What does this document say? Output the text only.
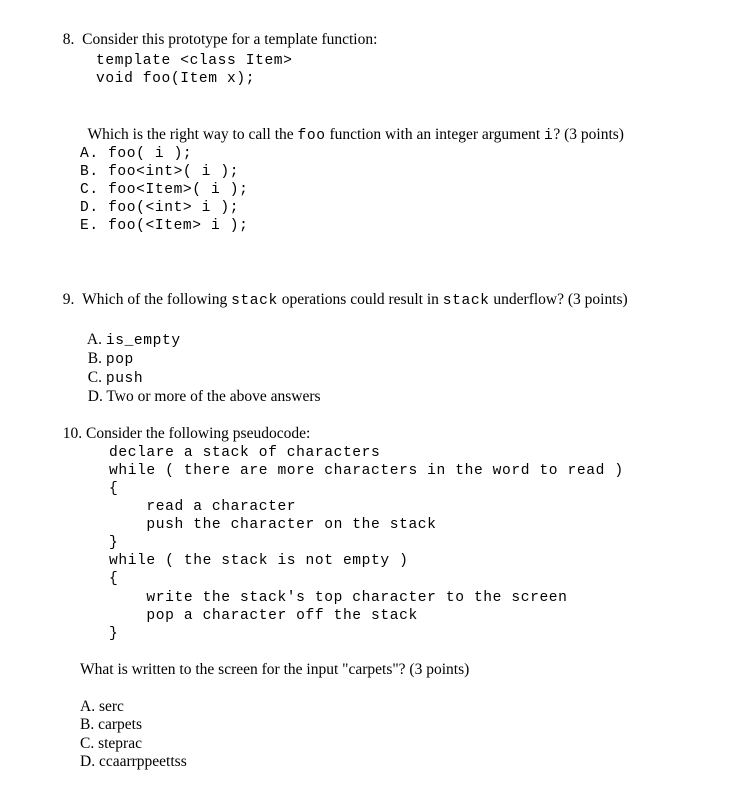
8. Consider this prototype for a template function:

template <class Item>
void foo(Item x);

Which is the right way to call the foo function with an integer argument i? (3 points)

A. foo( i );
B. foo<int>( i );
C. foo<Item>( i );
D. foo(<int> i );
E. foo(<Item> i );

9. Which of the following stack operations could result in stack underflow? (3 points)

A. is_empty

B. pop

C. push

D. Two or more of the above answers

10. Consider the following pseudocode:

declare a stack of characters
while ( there are more characters in the word to read )
{
read a character
push the character on the stack
}
while ( the stack is not empty )
{
write the stack's top character to the screen
pop a character off the stack
}
What is written to the screen for the input "carpets"? (3 points)
A. serc
B. carpets
C. steprac
D. ccaarrppeettss
